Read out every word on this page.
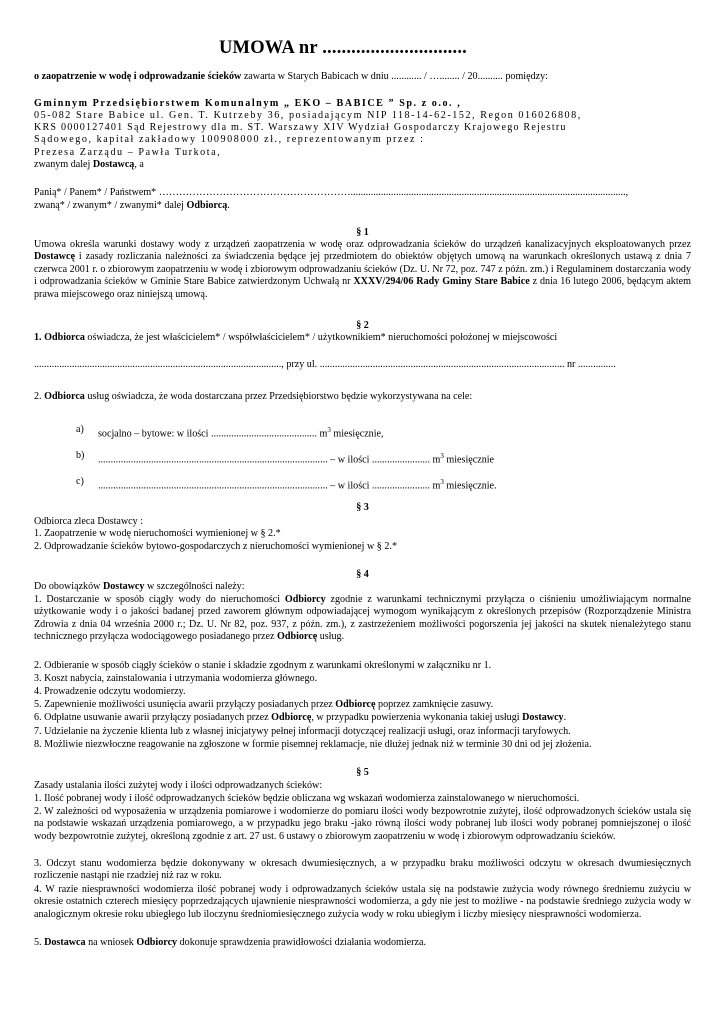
UMOWA nr ..............................
o zaopatrzenie w wodę i odprowadzanie ścieków zawarta w Starych Babicach w dniu ............ / …........ / 20.......... pomiędzy:
Gminnym Przedsiębiorstwem Komunalnym „ EKO – BABICE ” Sp. z o.o. ,
05-082 Stare Babice ul. Gen. T. Kutrzeby 36, posiadającym NIP 118-14-62-152, Regon 016026808,
KRS 0000127401 Sąd Rejestrowy dla m. ST. Warszawy XIV Wydział Gospodarczy Krajowego Rejestru
Sądowego, kapitał zakładowy 100908000 zł., reprezentowanym przez :
Prezesa Zarządu – Pawła Turkota,
zwanym dalej Dostawcą, a
Panią* / Panem* / Państwem* ………………………………………………….............................................................................................................,
zwaną* / zwanym* / zwanymi* dalej Odbiorcą.
§ 1
Umowa określa warunki dostawy wody z urządzeń zaopatrzenia w wodę oraz odprowadzania ścieków do urządzeń kanalizacyjnych eksploatowanych przez Dostawcę i zasady rozliczania należności za świadczenia będące jej przedmiotem do obiektów objętych umową na warunkach określonych ustawą z dnia 7 czerwca 2001 r. o zbiorowym zaopatrzeniu w wodę i zbiorowym odprowadzaniu ścieków (Dz. U. Nr 72, poz. 747 z późn. zm.) i Regulaminem dostarczania wody i odprowadzania ścieków w Gminie Stare Babice zatwierdzonym Uchwałą nr XXXV/294/06 Rady Gminy Stare Babice z dnia 16 lutego 2006, będącym aktem prawa miejscowego oraz niniejszą umową.
§ 2
1. Odbiorca oświadcza, że jest właścicielem* / współwłaścicielem* / użytkownikiem* nieruchomości położonej w miejscowości
.................................................................................................., przy ul. ................................................................................................. nr ...............
2. Odbiorca usług oświadcza, że woda dostarczana przez Przedsiębiorstwo będzie wykorzystywana na cele:
a) socjalno – bytowe: w ilości .......................................... $m^3$ miesięcznie,
b) ........................................................................................... – w ilości ....................... $m^3$ miesięcznie
c) ........................................................................................... – w ilości ....................... $m^3$ miesięcznie.
§ 3
Odbiorca zleca Dostawcy :
1. Zaopatrzenie w wodę nieruchomości wymienionej w § 2.*
2. Odprowadzanie ścieków bytowo-gospodarczych z nieruchomości wymienionej w § 2.*
§ 4
Do obowiązków Dostawcy w szczególności należy:
1. Dostarczanie w sposób ciągły wody do nieruchomości Odbiorcy zgodnie z warunkami technicznymi przyłącza o ciśnieniu umożliwiającym normalne użytkowanie wody i o jakości badanej przed zaworem głównym odpowiadającej wymogom wynikającym z określonych przepisów (Rozporządzenie Ministra Zdrowia z dnia 04 września 2000 r.; Dz. U. Nr 82, poz. 937, z późn. zm.), z zastrzeżeniem możliwości pogorszenia jej jakości na skutek nienależytego stanu technicznego przyłącza wodociągowego posiadanego przez Odbiorcę usług.
2. Odbieranie w sposób ciągły ścieków o stanie i składzie zgodnym z warunkami określonymi w załączniku nr 1.
3. Koszt nabycia, zainstalowania i utrzymania wodomierza głównego.
4. Prowadzenie odczytu wodomierzy.
5. Zapewnienie możliwości usunięcia awarii przyłączy posiadanych przez Odbiorcę poprzez zamknięcie zasuwy.
6. Odpłatne usuwanie awarii przyłączy posiadanych przez Odbiorcę, w przypadku powierzenia wykonania takiej usługi Dostawcy.
7. Udzielanie na życzenie klienta lub z własnej inicjatywy pełnej informacji dotyczącej realizacji usługi, oraz informacji taryfowych.
8. Możliwie niezwłoczne reagowanie na zgłoszone w formie pisemnej reklamacje, nie dłużej jednak niż w terminie 30 dni od jej złożenia.
§ 5
Zasady ustalania ilości zużytej wody i ilości odprowadzanych ścieków:
1. Ilość pobranej wody i ilość odprowadzanych ścieków będzie obliczana wg wskazań wodomierza zainstalowanego w nieruchomości.
2. W zależności od wyposażenia w urządzenia pomiarowe i wodomierze do pomiaru ilości wody bezpowrotnie zużytej, ilość odprowadzonych ścieków ustala się na podstawie wskazań urządzenia pomiarowego, a w przypadku jego braku -jako równą ilości wody pobranej lub ilości wody pobranej pomniejszonej o ilość wody bezpowrotnie zużytej, określoną zgodnie z art. 27 ust. 6 ustawy o zbiorowym zaopatrzeniu w wodę i zbiorowym odprowadzaniu ścieków.
3. Odczyt stanu wodomierza będzie dokonywany w okresach dwumiesięcznych, a w przypadku braku możliwości odczytu w okresach dwumiesięcznych rozliczenie nastąpi nie rzadziej niż raz w roku.
4. W razie niesprawności wodomierza ilość pobranej wody i odprowadzanych ścieków ustala się na podstawie zużycia wody równego średniemu zużyciu w okresie ostatnich czterech miesięcy poprzedzających ujawnienie niesprawności wodomierza, a gdy nie jest to możliwe - na podstawie średniego zużycia wody w analogicznym okresie roku ubiegłego lub iloczynu średniomiesięcznego zużycia wody w roku ubiegłym i liczby miesięcy niesprawności wodomierza.
5. Dostawca na wniosek Odbiorcy dokonuje sprawdzenia prawidłowości działania wodomierza.
